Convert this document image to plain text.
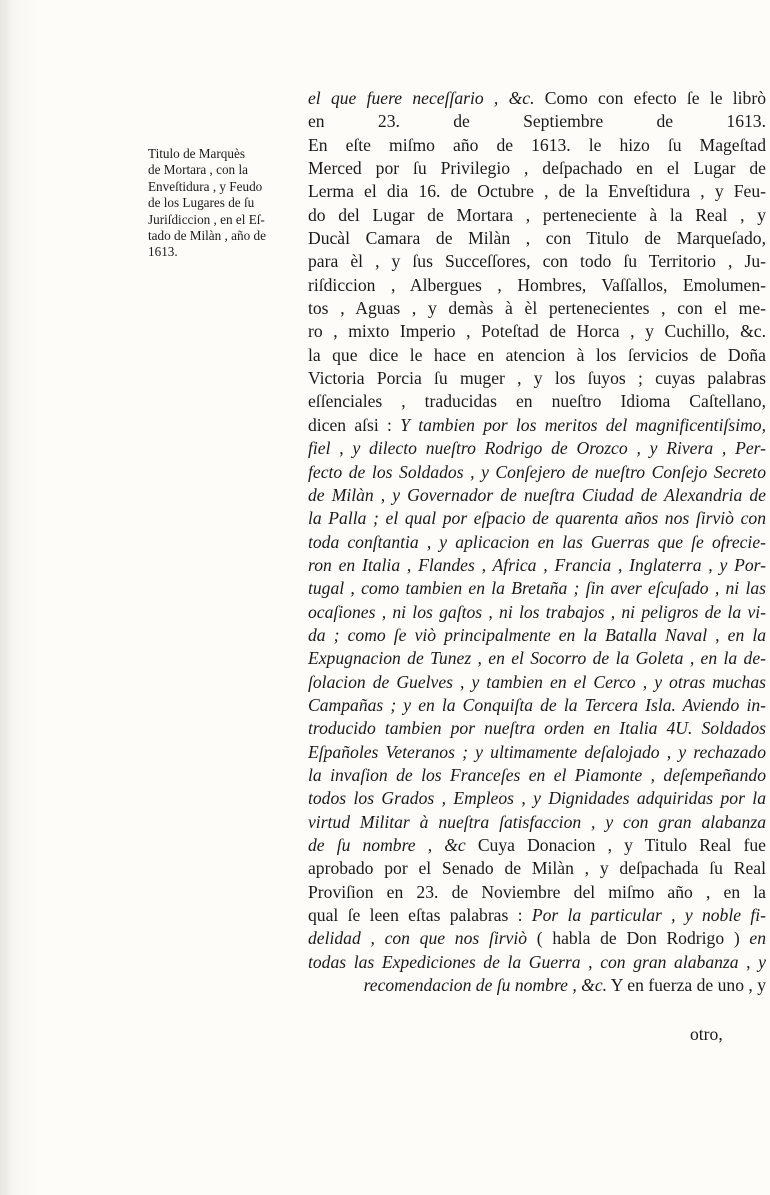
Titulo de Marquès
de Mortara , con la
Enveſtidura , y Feudo
de los Lugares de ſu
Juriſdiccion , en el Eſ-
tado de Milàn , año de
1613.
el que fuere neceſſario , &c. Como con efecto ſe le librò
en 23. de Septiembre de 1613.
En eſte miſmo año de 1613. le hizo ſu Mageſtad
Merced por ſu Privilegio , deſpachado en el Lugar de
Lerma el dia 16. de Octubre , de la Enveſtidura , y Feu-
do del Lugar de Mortara , perteneciente à la Real , y
Ducàl Camara de Milàn , con Titulo de Marqueſado,
para èl , y ſus Succeſſores, con todo ſu Territorio , Ju-
riſdiccion , Albergues , Hombres, Vaſſallos, Emolumen-
tos , Aguas , y demàs à èl pertenecientes , con el me-
ro , mixto Imperio , Poteſtad de Horca , y Cuchillo, &c.
la que dice le hace en atencion à los ſervicios de Doña
Victoria Porcia ſu muger , y los ſuyos ; cuyas palabras
eſſenciales , traducidas en nueſtro Idioma Caſtellano,
dicen aſsi : Y tambien por los meritos del magnificentiſsimo,
fiel , y dilecto nueſtro Rodrigo de Orozco , y Rivera , Per-
fecto de los Soldados , y Conſejero de nueſtro Conſejo Secreto
de Milàn , y Governador de nueſtra Ciudad de Alexandria de
la Palla ; el qual por eſpacio de quarenta años nos ſirviò con
toda conſtantia , y aplicacion en las Guerras que ſe ofrecie-
ron en Italia , Flandes , Africa , Francia , Inglaterra , y Por-
tugal , como tambien en la Bretaña ; ſin aver eſcuſado , ni las
ocaſiones , ni los gaſtos , ni los trabajos , ni peligros de la vi-
da ; como ſe viò principalmente en la Batalla Naval , en la
Expugnacion de Tunez , en el Socorro de la Goleta , en la de-
ſolacion de Guelves , y tambien en el Cerco , y otras muchas
Campañas ; y en la Conquiſta de la Tercera Isla. Aviendo in-
troducido tambien por nueſtra orden en Italia 4U. Soldados
Eſpañoles Veteranos ; y ultimamente deſalojado , y rechazado
la invaſion de los Franceſes en el Piamonte , deſempeñando
todos los Grados , Empleos , y Dignidades adquiridas por la
virtud Militar à nueſtra ſatisfaccion , y con gran alabanza
de ſu nombre , &c Cuya Donacion , y Titulo Real fue
aprobado por el Senado de Milàn , y deſpachada ſu Real
Proviſion en 23. de Noviembre del miſmo año , en la
qual ſe leen eſtas palabras : Por la particular , y noble fi-
delidad , con que nos ſirviò ( habla de Don Rodrigo ) en
todas las Expediciones de la Guerra , con gran alabanza , y
recomendacion de ſu nombre , &c. Y en fuerza de uno , y
otro,
